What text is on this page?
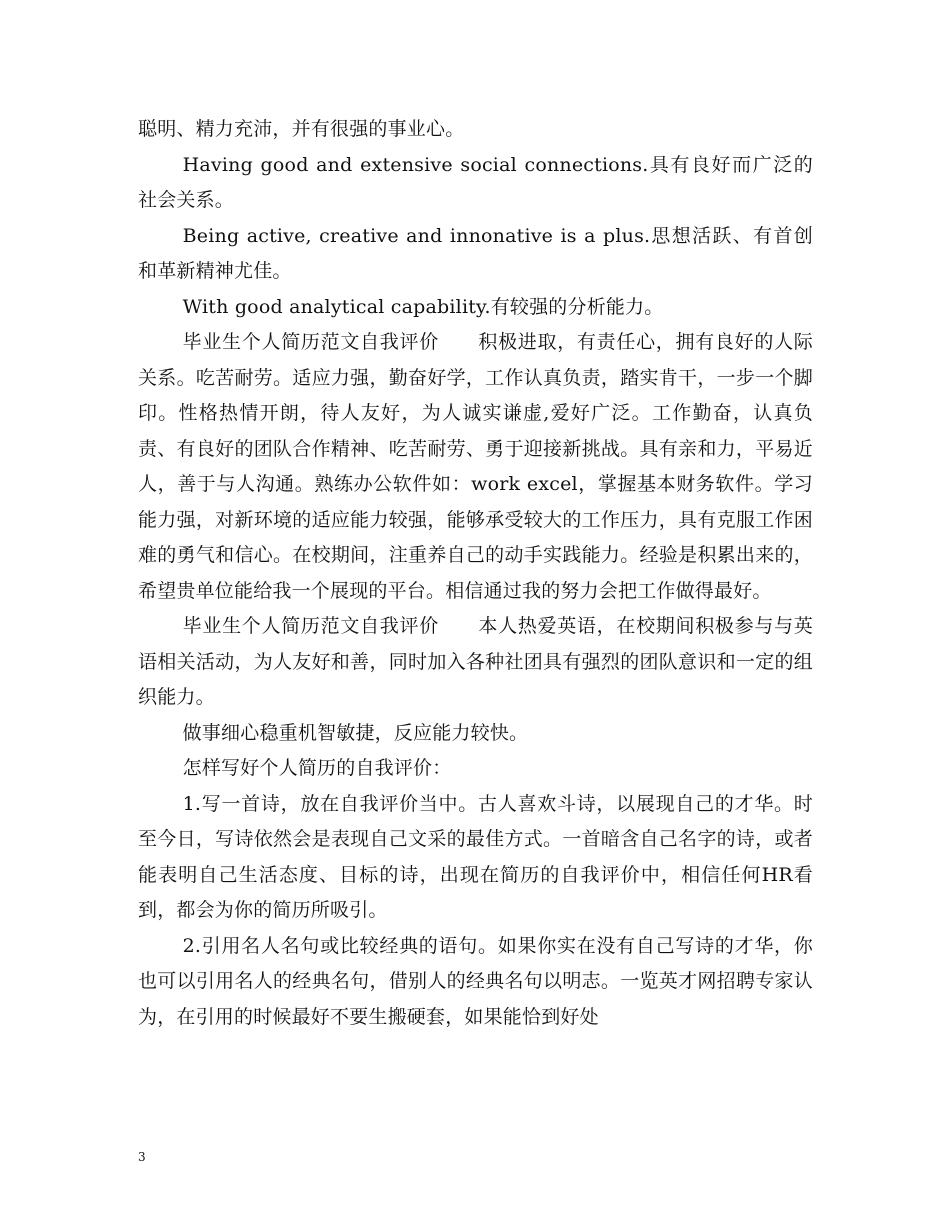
聪明、精力充沛，并有很强的事业心。

Having good and extensive social connections.具有良好而广泛的社会关系。

Being active, creative and innonative is a plus.思想活跃、有首创和革新精神尤佳。

With good analytical capability.有较强的分析能力。

毕业生个人简历范文自我评价　　积极进取，有责任心，拥有良好的人际关系。吃苦耐劳。适应力强，勤奋好学，工作认真负责，踏实肯干，一步一个脚印。性格热情开朗，待人友好，为人诚实谦虚,爱好广泛。工作勤奋，认真负责、有良好的团队合作精神、吃苦耐劳、勇于迎接新挑战。具有亲和力，平易近人，善于与人沟通。熟练办公软件如：work excel，掌握基本财务软件。学习能力强，对新环境的适应能力较强，能够承受较大的工作压力，具有克服工作困难的勇气和信心。在校期间，注重养自己的动手实践能力。经验是积累出来的，希望贵单位能给我一个展现的平台。相信通过我的努力会把工作做得最好。

毕业生个人简历范文自我评价　　本人热爱英语，在校期间积极参与与英语相关活动，为人友好和善，同时加入各种社团具有强烈的团队意识和一定的组织能力。

做事细心稳重机智敏捷，反应能力较快。

怎样写好个人简历的自我评价：

1.写一首诗，放在自我评价当中。古人喜欢斗诗，以展现自己的才华。时至今日，写诗依然会是表现自己文采的最佳方式。一首暗含自己名字的诗，或者能表明自己生活态度、目标的诗，出现在简历的自我评价中，相信任何HR看到，都会为你的简历所吸引。

2.引用名人名句或比较经典的语句。如果你实在没有自己写诗的才华，你也可以引用名人的经典名句，借别人的经典名句以明志。一览英才网招聘专家认为，在引用的时候最好不要生搬硬套，如果能恰到好处

3
